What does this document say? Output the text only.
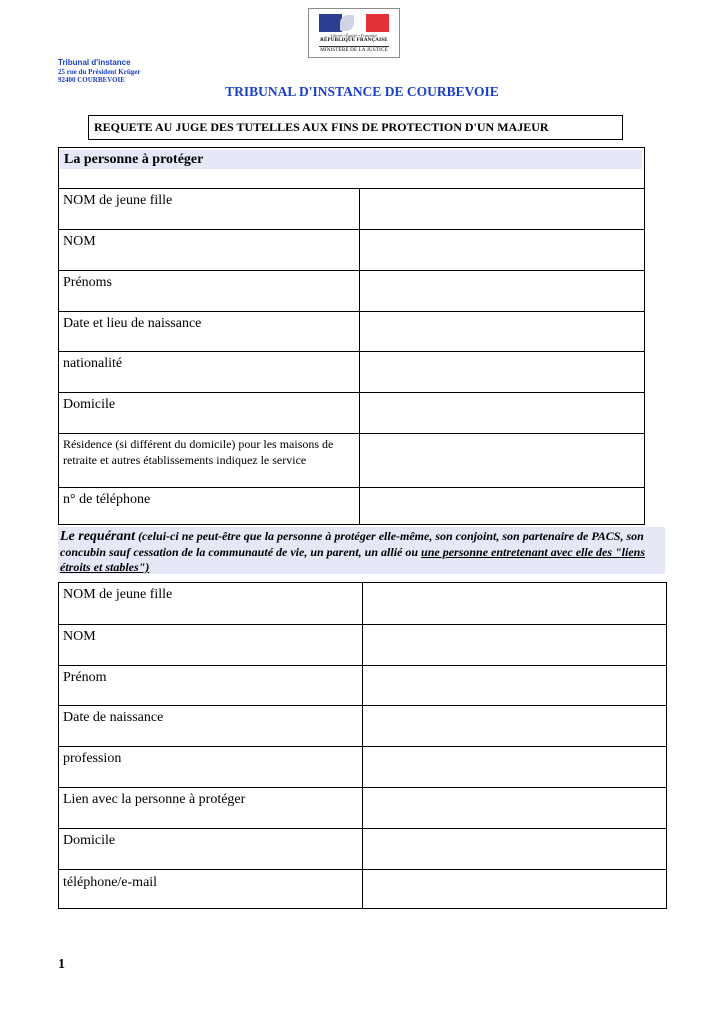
Liberté • Égalité • Fraternité
RÉPUBLIQUE FRANÇAISE
MINISTÈRE DE LA JUSTICE
Tribunal d'instance
25 rue du Président Krüger
92400 COURBEVOIE
TRIBUNAL D'INSTANCE DE COURBEVOIE
REQUETE AU JUGE DES TUTELLES AUX FINS DE PROTECTION D'UN MAJEUR
La personne à protéger
NOM de jeune fille
NOM
Prénoms
Date et lieu de naissance
nationalité
Domicile
Résidence (si différent du domicile) pour les maisons de retraite et autres établissements indiquez le service
n° de téléphone
Le requérant (celui-ci ne peut-être que la personne à protéger elle-même, son conjoint, son partenaire de PACS, son concubin sauf cessation de la communauté de vie, un parent, un allié ou une personne entretenant avec elle des "liens étroits et stables")
NOM de jeune fille
NOM
Prénom
Date de naissance
profession
Lien avec la personne à protéger
Domicile
téléphone/e-mail
1
